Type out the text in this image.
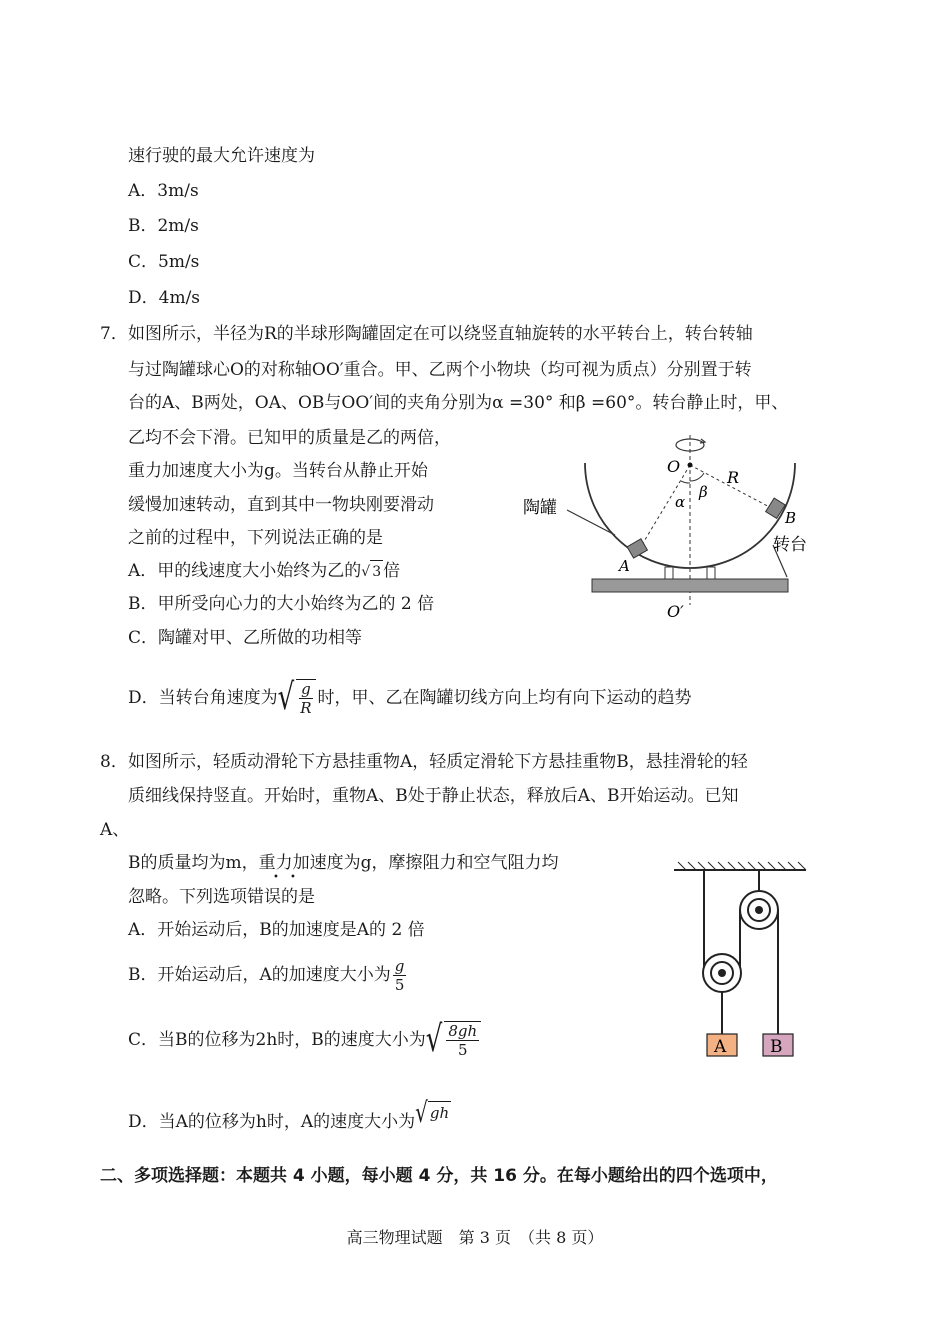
速行驶的最大允许速度为
A．3m/s
B．2m/s
C．5m/s
D．4m/s
7． 如图所示，半径为R的半球形陶罐固定在可以绕竖直轴旋转的水平转台上，转台转轴
与过陶罐球心O的对称轴OO′重合。甲、乙两个小物块（均可视为质点）分别置于转
台的A、B两处，OA、OB与OO′间的夹角分别为α =30° 和β =60°。转台静止时，甲、
乙均不会下滑。已知甲的质量是乙的两倍，
重力加速度大小为g。当转台从静止开始
缓慢加速转动，直到其中一物块刚要滑动
之前的过程中，下列说法正确的是
A．甲的线速度大小始终为乙的 √ 3 倍
B．甲所受向心力的大小始终为乙的 2 倍
C．陶罐对甲、乙所做的功相等
D．当转台角速度为 √ $\frac{g}{R}$ 时，甲、乙在陶罐切线方向上均有向下运动的趋势
O
α
β
R
A
B
陶罐
转台
O′
8． 如图所示，轻质动滑轮下方悬挂重物A，轻质定滑轮下方悬挂重物B，悬挂滑轮的轻
质细线保持竖直。开始时，重物A、B处于静止状态，释放后A、B开始运动。已知
A、
B的质量均为m，重力加速度为g，摩擦阻力和空气阻力均
忽略。下列选项错误的是
• •
A．开始运动后，B的加速度是A的 2 倍
B．开始运动后，A的加速度大小为 $\frac{g}{5}$
C．当B的位移为2h时，B的速度大小为 √ $\frac{8gh}{5}$
D．当A的位移为h时，A的速度大小为 √ gh
A	B
二、多项选择题：本题共 4 小题，每小题 4 分，共 16 分。在每小题给出的四个选项中，
高三物理试题　第 3 页　（共 8 页）
